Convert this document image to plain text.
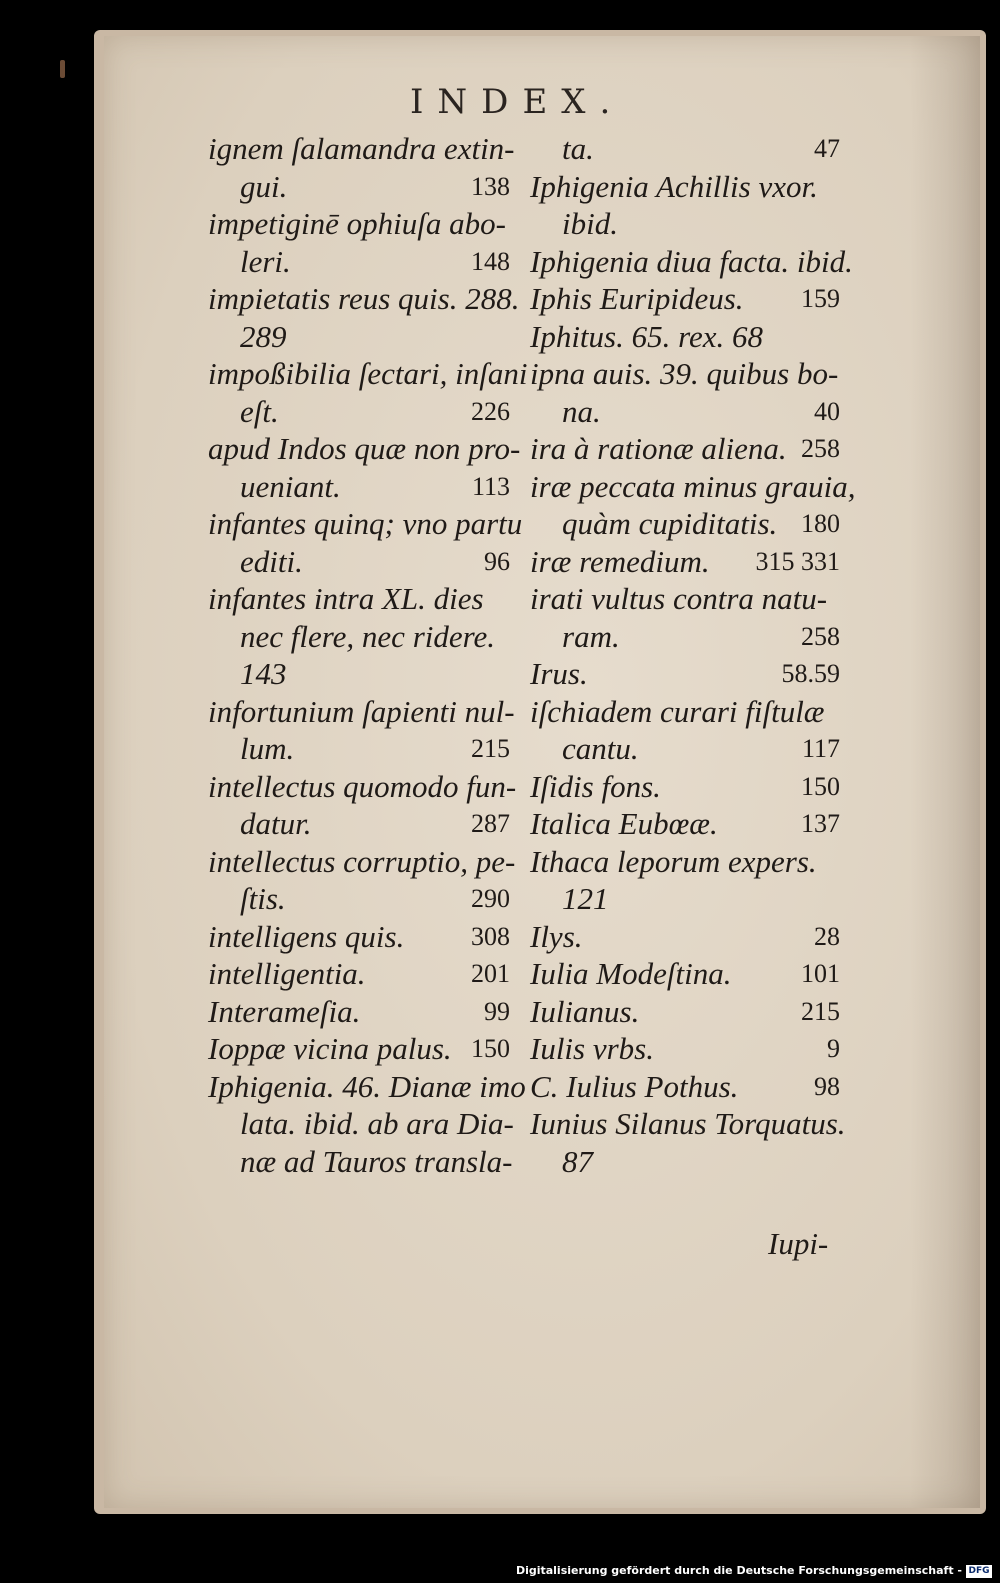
INDEX.
ignem ſalamandra extin-
gui.	138
impetiginē ophiuſa abo-
leri.	148
impietatis reus quis. 288.
289
impoßibilia ſectari, inſani
eſt.	226
apud Indos quæ non pro-
ueniant.	113
infantes quinq; vno partu
editi.	96
infantes intra XL. dies
nec flere, nec ridere.
143
infortunium ſapienti nul-
lum.	215
intellectus quomodo fun-
datur.	287
intellectus corruptio, pe-
ſtis.	290
intelligens quis.	308
intelligentia.	201
Interameſia.	99
Ioppæ vicina palus. 150
Iphigenia. 46. Dianæ imo
lata. ibid. ab ara Dia-
næ ad Tauros transla-
ta.	47
Iphigenia Achillis vxor.
ibid.
Iphigenia diua facta. ibid.
Iphis Euripideus. 159
Iphitus. 65. rex. 68
ipna auis. 39. quibus bo-
na.	40
ira à rationæ aliena. 258
iræ peccata minus grauia,
quàm cupiditatis. 180
iræ remedium. 315 331
irati vultus contra natu-
ram.	258
Irus.	58.59
iſchiadem curari fiſtulæ
cantu.	117
Iſidis fons.	150
Italica Eubœæ.	137
Ithaca leporum expers.
121
Ilys.	28
Iulia Modeſtina.	101
Iulianus.	215
Iulis vrbs.	9
C. Iulius Pothus.	98
Iunius Silanus Torquatus.
87
Iupi-
Digitalisierung gefördert durch die Deutsche Forschungsgemeinschaft - DFG
